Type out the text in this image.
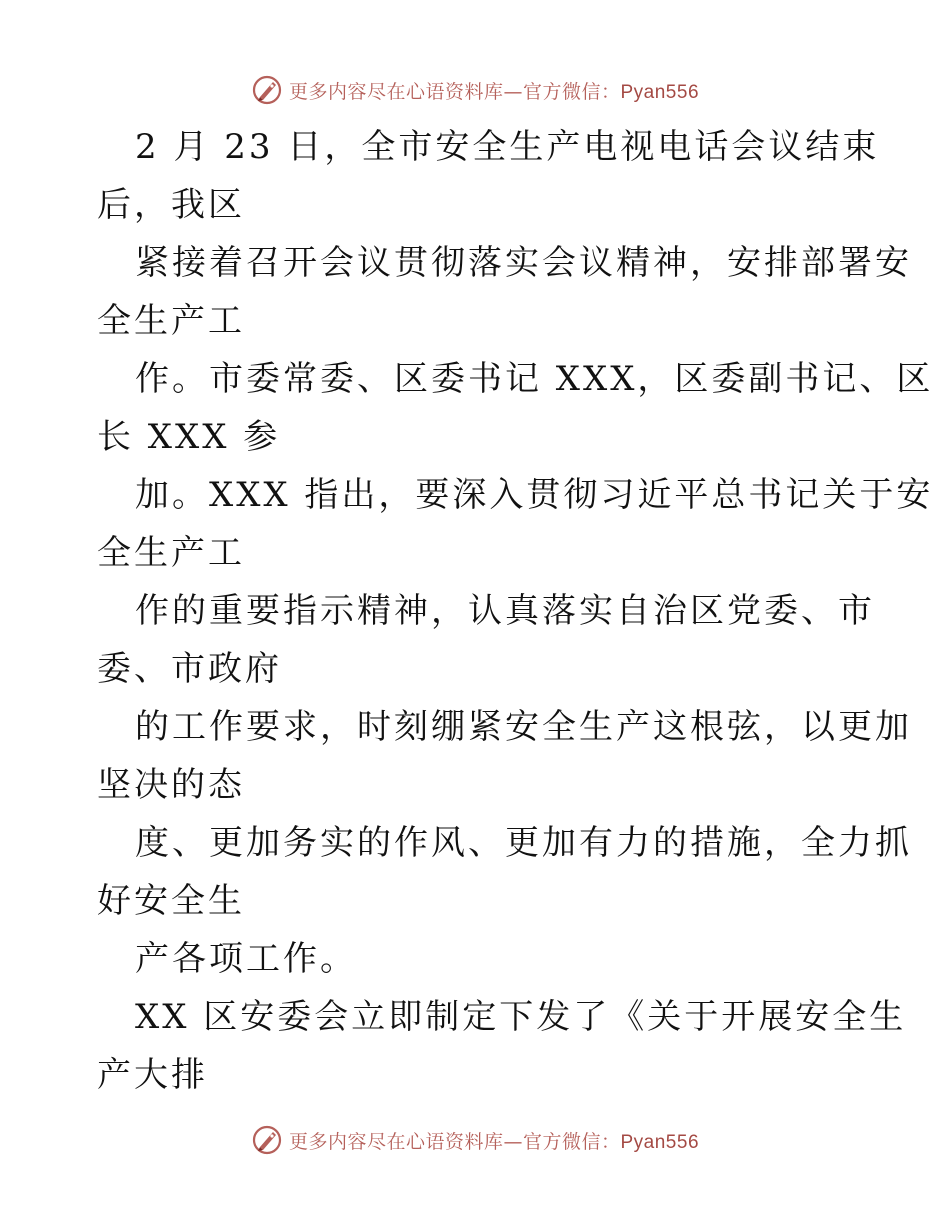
更多内容尽在心语资料库—官方微信：Pyan556
2 月 23 日，全市安全生产电视电话会议结束
后，我区
紧接着召开会议贯彻落实会议精神，安排部署安
全生产工
作。市委常委、区委书记 XXX，区委副书记、区
长 XXX 参
加。XXX 指出，要深入贯彻习近平总书记关于安
全生产工
作的重要指示精神，认真落实自治区党委、市
委、市政府
的工作要求，时刻绷紧安全生产这根弦，以更加
坚决的态
度、更加务实的作风、更加有力的措施，全力抓
好安全生
产各项工作。
XX 区安委会立即制定下发了《关于开展安全生
产大排
更多内容尽在心语资料库—官方微信：Pyan556
